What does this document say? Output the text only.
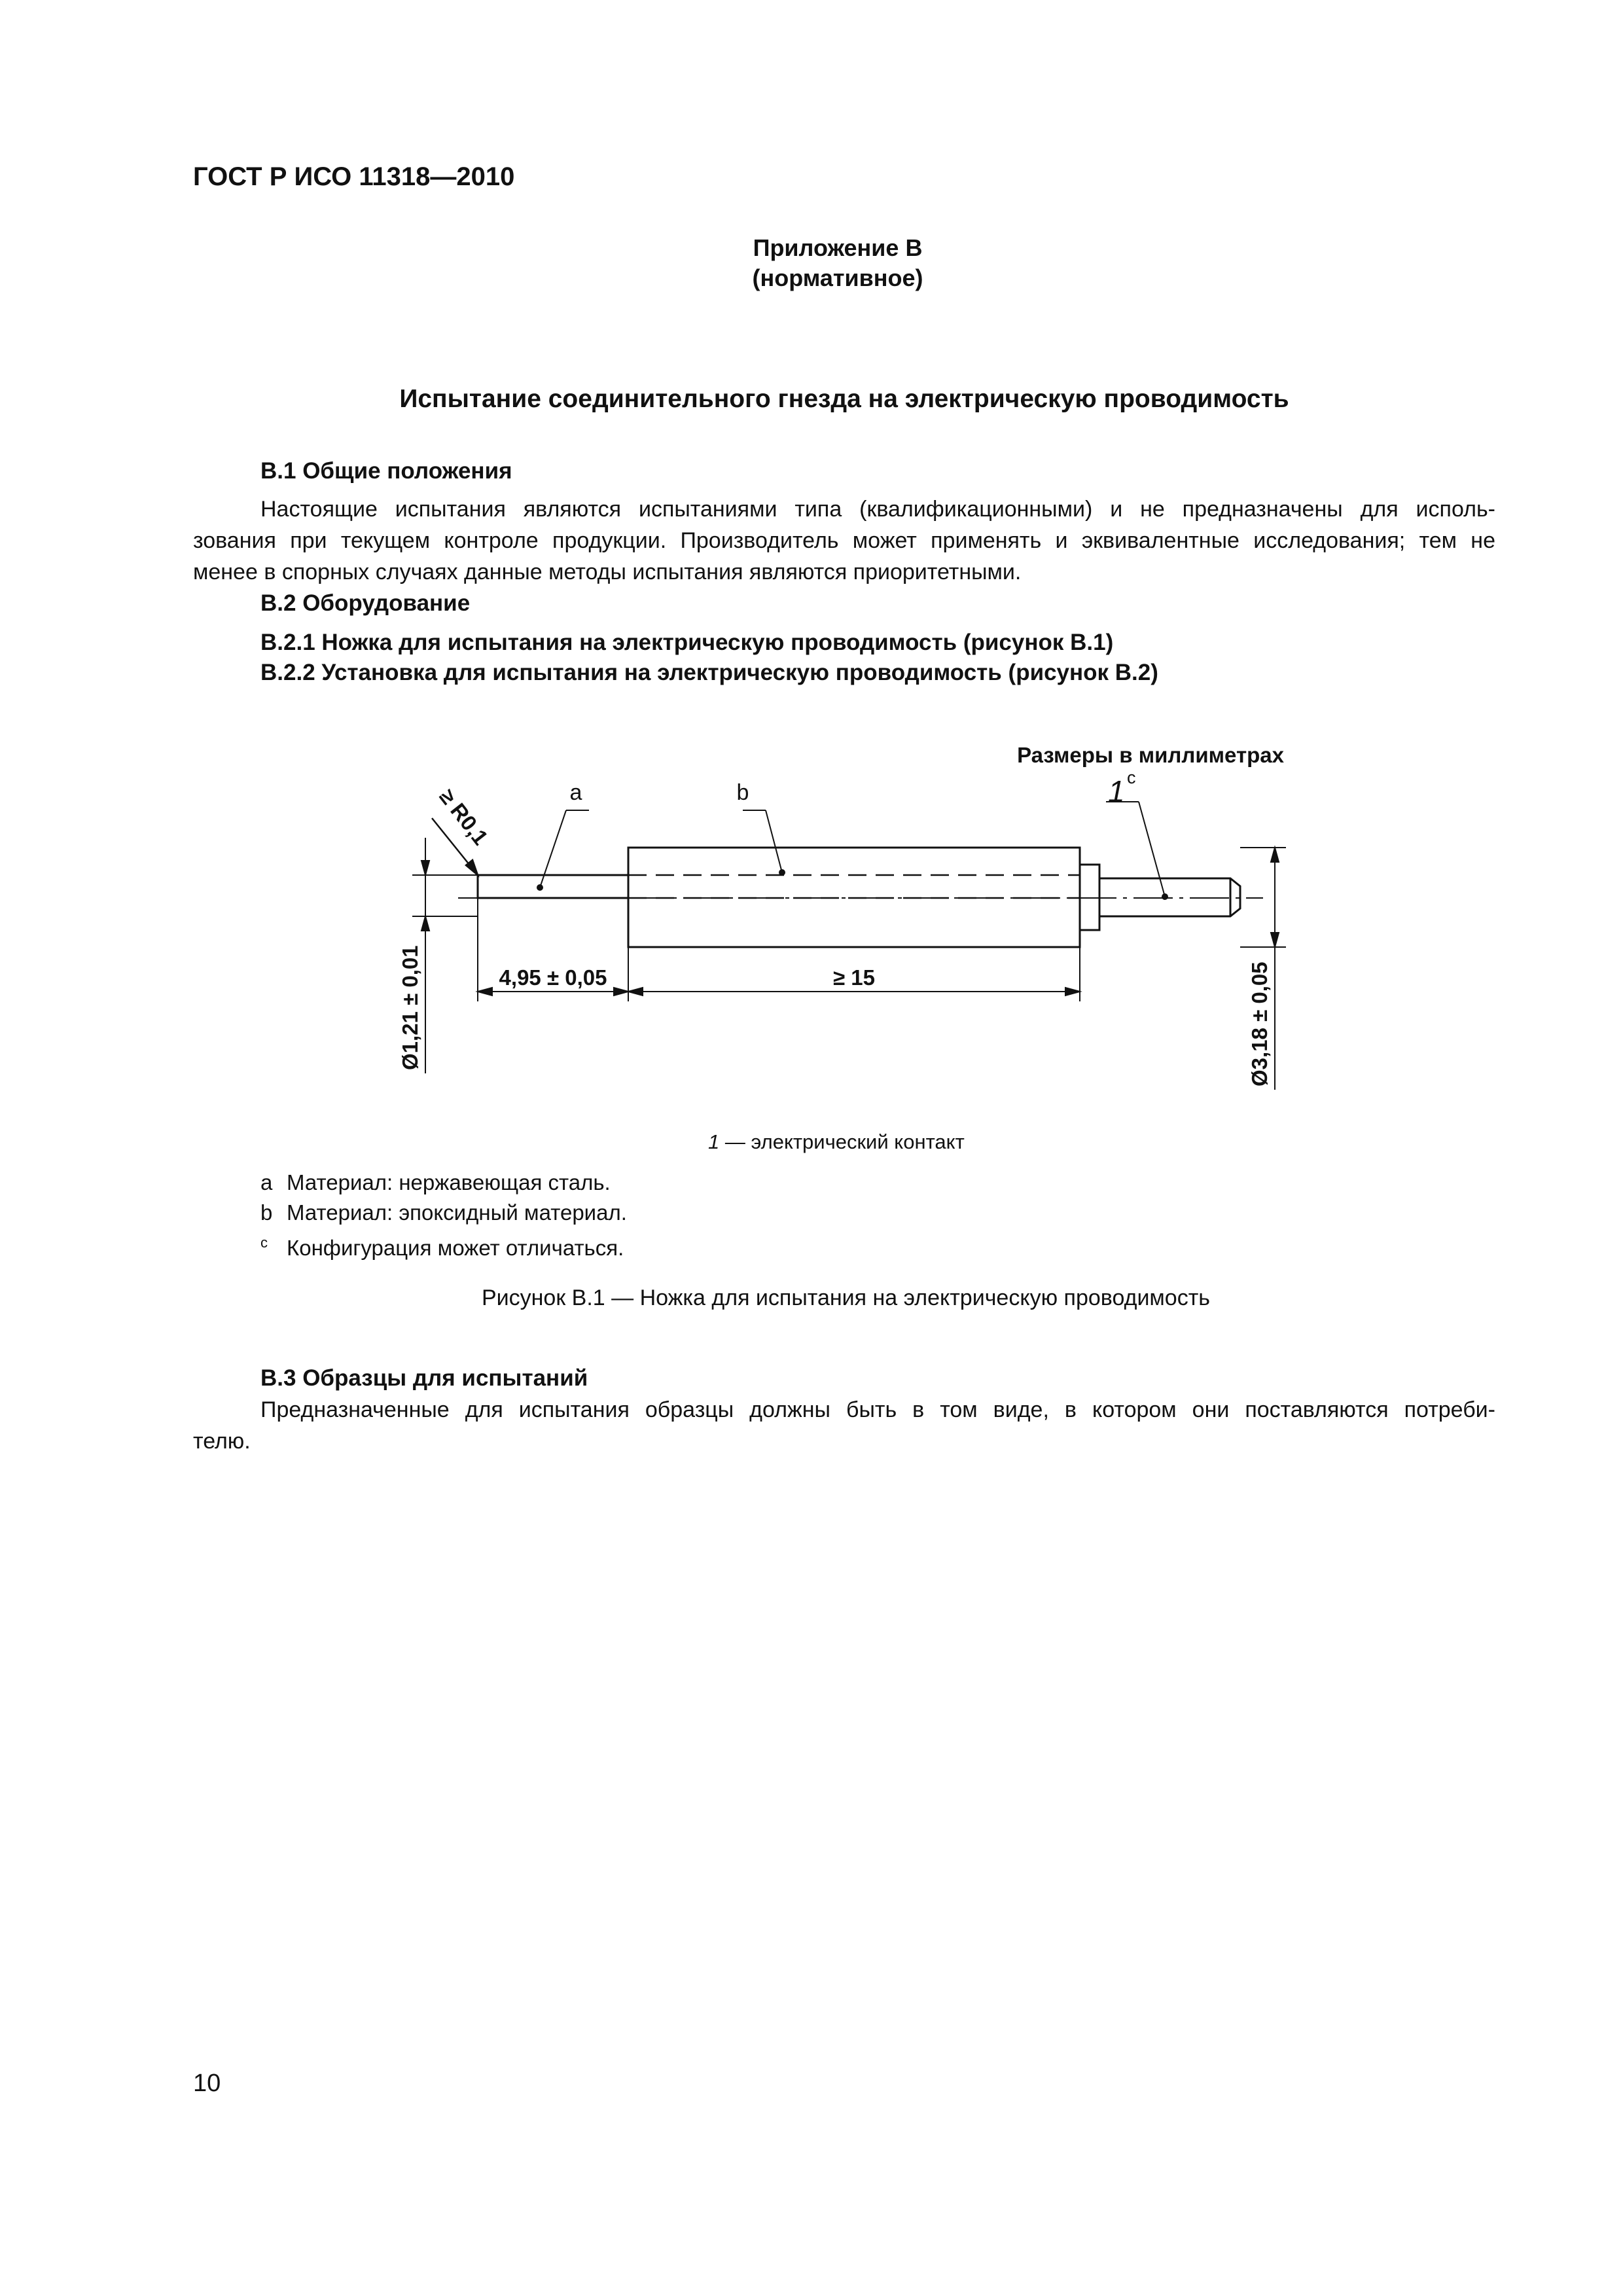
ГОСТ Р ИСО 11318—2010
Приложение В
(нормативное)
Испытание соединительного гнезда на электрическую проводимость
В.1 Общие положения
Настоящие испытания являются испытаниями типа (квалификационными) и не предназначены для исполь-
зования при текущем контроле продукции. Производитель может применять и эквивалентные исследования; тем не
менее в спорных случаях данные методы испытания являются приоритетными.
В.2 Оборудование
В.2.1 Ножка для испытания на электрическую проводимость (рисунок В.1)
В.2.2 Установка для испытания на электрическую проводимость (рисунок В.2)
Размеры в миллиметрах
a	b	1 c
≥ R0,1
4,95 ± 0,05	≥ 15
Ø1,21 ± 0,01	Ø3,18 ± 0,05
1 — электрический контакт
a Материал: нержавеющая сталь.
b Материал: эпоксидный материал.
c Конфигурация может отличаться.
Рисунок В.1 — Ножка для испытания на электрическую проводимость
В.3 Образцы для испытаний
Предназначенные для испытания образцы должны быть в том виде, в котором они поставляются потреби-
телю.
10
